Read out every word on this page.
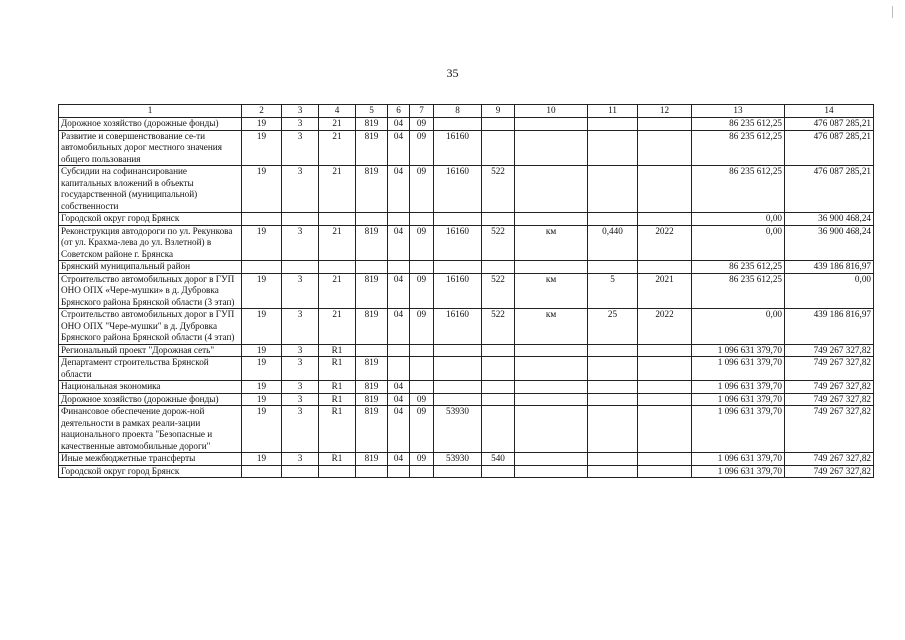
35
1	2	3	4	5	6	7	8	9	10	11	12	13	14
Дорожное хозяйство (дорожные фонды)	19	3	21	819	04	09						86 235 612,25	476 087 285,21
Развитие и совершенствование се-ти автомобильных дорог местного значения общего пользования	19	3	21	819	04	09	16160					86 235 612,25	476 087 285,21
Субсидии на софинансирование капитальных вложений в объекты государственной (муниципальной) собственности	19	3	21	819	04	09	16160	522				86 235 612,25	476 087 285,21
Городской округ город Брянск												0,00	36 900 468,24
Реконструкция автодороги по ул. Рекункова (от ул. Крахма-лева до ул. Взлетной) в Советском районе г. Брянска	19	3	21	819	04	09	16160	522	км	0,440	2022	0,00	36 900 468,24
Брянский муниципальный район												86 235 612,25	439 186 816,97
Строительство автомобильных дорог в ГУП ОНО ОПХ «Чере-мушки» в д. Дубровка Брянского района Брянской области (3 этап)	19	3	21	819	04	09	16160	522	км	5	2021	86 235 612,25	0,00
Строительство автомобильных дорог в ГУП ОНО ОПХ "Чере-мушки" в д. Дубровка Брянского района Брянской области (4 этап)	19	3	21	819	04	09	16160	522	км	25	2022	0,00	439 186 816,97
Региональный проект "Дорожная сеть"	19	3	R1									1 096 631 379,70	749 267 327,82
Департамент строительства Брянской области	19	3	R1	819								1 096 631 379,70	749 267 327,82
Национальная экономика	19	3	R1	819	04							1 096 631 379,70	749 267 327,82
Дорожное хозяйство (дорожные фонды)	19	3	R1	819	04	09						1 096 631 379,70	749 267 327,82
Финансовое обеспечение дорож-ной деятельности в рамках реали-зации национального проекта "Безопасные и качественные автомобильные дороги"	19	3	R1	819	04	09	53930					1 096 631 379,70	749 267 327,82
Иные межбюджетные трансферты	19	3	R1	819	04	09	53930	540				1 096 631 379,70	749 267 327,82
Городской округ город Брянск												1 096 631 379,70	749 267 327,82
